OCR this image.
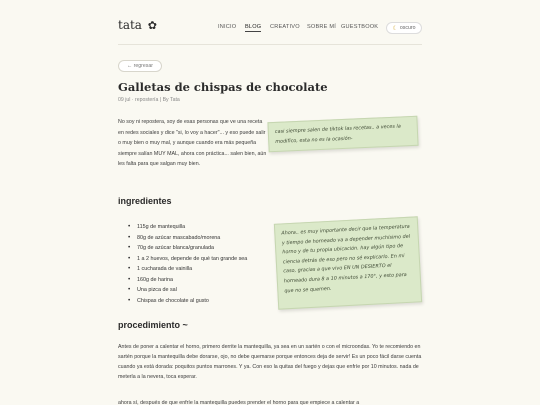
tata ✿	INICIO BLOG CREATIVO SOBRE MÍ GUESTBOOK ☾ oscuro
← regresar
Galletas de chispas de chocolate
09 jul · repostería | By Tata

No soy ni repostera, soy de esas personas que ve una receta en redes sociales y dice "si, lo voy a hacer"... y eso puede salir o muy bien o muy mal, y aunque cuando era más pequeña siempre salían MUY MAL, ahora con práctica... salen bien, aún les falta para que salgan muy bien.

casi siempre salen de tiktok las recetas.. a veces la modifico, esta no es la ocasión-
ingredientes
• 115g de mantequilla
• 80g de azúcar mascabado/morena
• 70g de azúcar blanca/granulada
• 1 a 2 huevos, depende de qué tan grande sea
• 1 cucharada de vainilla
• 160g de harina
• Una pizca de sal
• Chispas de chocolate al gusto
Ahora.. es muy importante decir que la temperatura y tiempo de horneado va a depender muchísimo del horno y de tu propia ubicación. hay algún tipo de ciencia detrás de eso pero no sé explicarlo. En mi caso, gracias a que vivo EN UN DESIERTO el horneado dura 8 a 10 minutos a 170°, y esto para que no se quemen.
procedimiento ~

Antes de poner a calentar el horno, primero derrite la mantequilla, ya sea en un sartén o con el microondas. Yo te recomiendo en sartén porque la mantequilla debe dorarse, ojo, no debe quemarse porque entonces deja de servir! Es un poco fácil darse cuenta cuando ya está dorada: poquitos puntos marrones. Y ya. Con eso la quitas del fuego y dejas que enfríe por 10 minutos. nada de meterla a la nevera, toca esperar.

ahora sí, después de que enfríe la mantequilla puedes prender el horno para que empiece a calentar a
